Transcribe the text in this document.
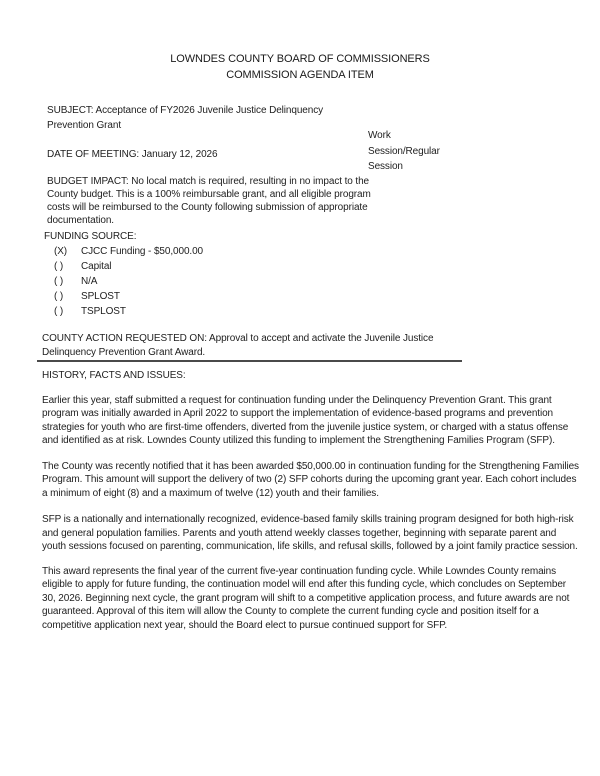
LOWNDES COUNTY BOARD OF COMMISSIONERS
COMMISSION AGENDA ITEM
SUBJECT: Acceptance of FY2026 Juvenile Justice Delinquency Prevention Grant
Work Session/Regular Session
DATE OF MEETING: January 12, 2026
BUDGET IMPACT: No local match is required, resulting in no impact to the County budget. This is a 100% reimbursable grant, and all eligible program costs will be reimbursed to the County following submission of appropriate documentation.
FUNDING SOURCE:
(X) CJCC Funding - $50,000.00
( )	Capital
( )	N/A
( )	SPLOST
( )	TSPLOST
COUNTY ACTION REQUESTED ON: Approval to accept and activate the Juvenile Justice Delinquency Prevention Grant Award.
HISTORY, FACTS AND ISSUES:

Earlier this year, staff submitted a request for continuation funding under the Delinquency Prevention Grant. This grant program was initially awarded in April 2022 to support the implementation of evidence-based programs and prevention strategies for youth who are first-time offenders, diverted from the juvenile justice system, or charged with a status offense and identified as at risk. Lowndes County utilized this funding to implement the Strengthening Families Program (SFP).

The County was recently notified that it has been awarded $50,000.00 in continuation funding for the Strengthening Families Program. This amount will support the delivery of two (2) SFP cohorts during the upcoming grant year. Each cohort includes a minimum of eight (8) and a maximum of twelve (12) youth and their families.

SFP is a nationally and internationally recognized, evidence-based family skills training program designed for both high-risk and general population families. Parents and youth attend weekly classes together, beginning with separate parent and youth sessions focused on parenting, communication, life skills, and refusal skills, followed by a joint family practice session.

This award represents the final year of the current five-year continuation funding cycle. While Lowndes County remains eligible to apply for future funding, the continuation model will end after this funding cycle, which concludes on September 30, 2026. Beginning next cycle, the grant program will shift to a competitive application process, and future awards are not guaranteed. Approval of this item will allow the County to complete the current funding cycle and position itself for a competitive application next year, should the Board elect to pursue continued support for SFP.
